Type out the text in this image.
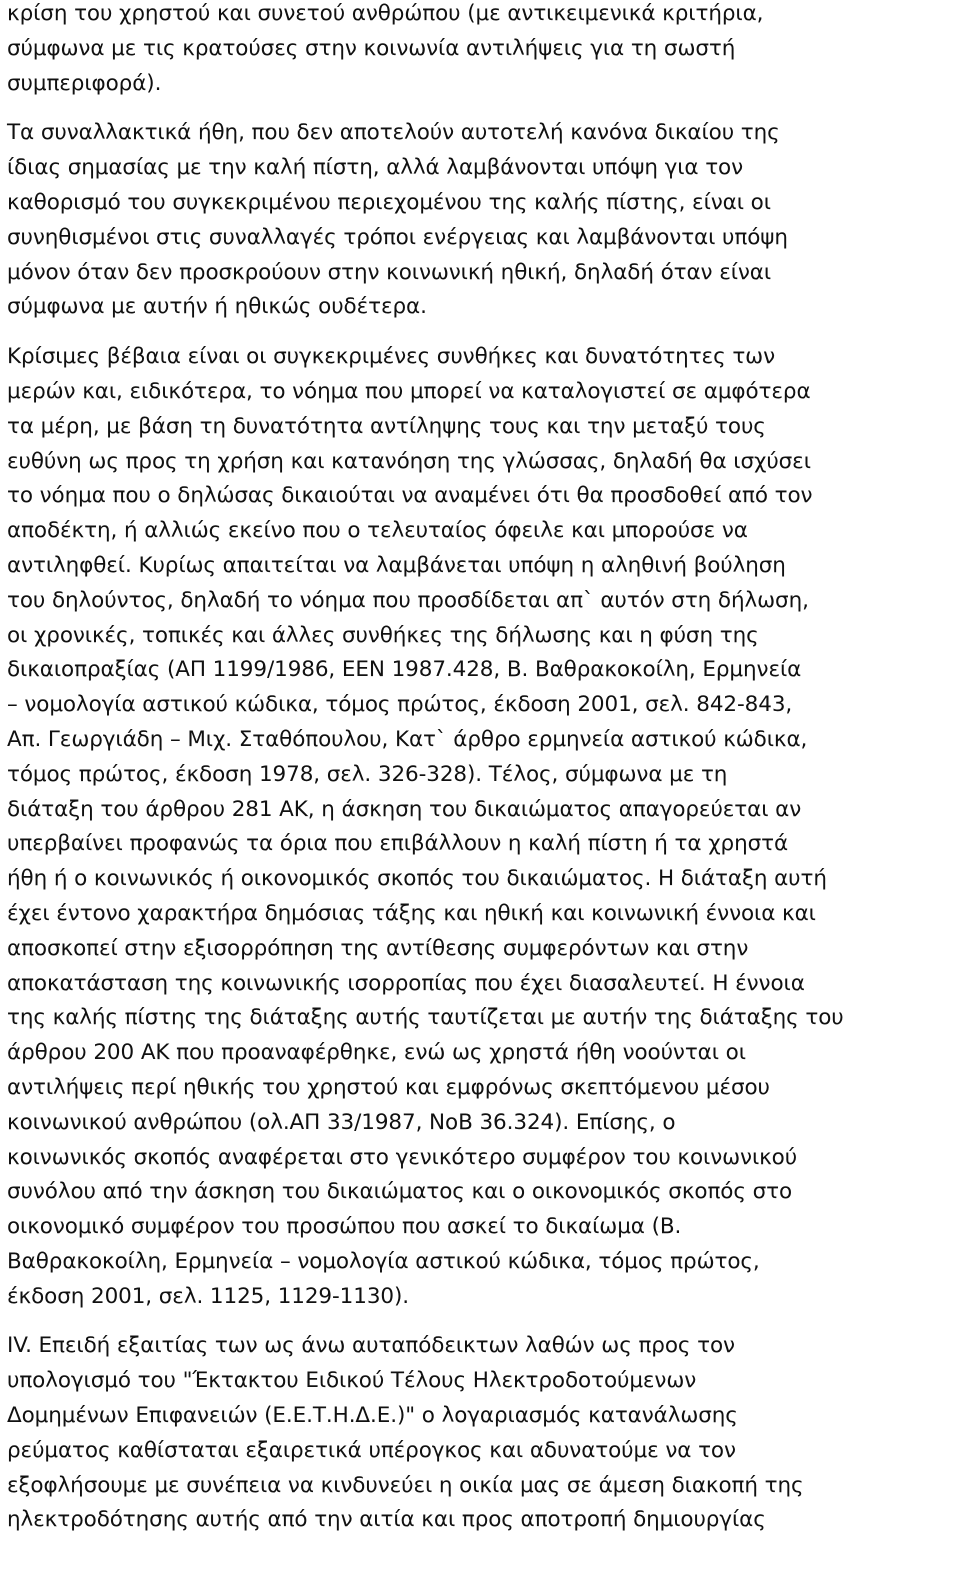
κρίση του χρηστού και συνετού ανθρώπου (με αντικειμενικά κριτήρια,
σύμφωνα με τις κρατούσες στην κοινωνία αντιλήψεις για τη σωστή
συμπεριφορά).
Τα συναλλακτικά ήθη, που δεν αποτελούν αυτοτελή κανόνα δικαίου της
ίδιας σημασίας με την καλή πίστη, αλλά λαμβάνονται υπόψη για τον
καθορισμό του συγκεκριμένου περιεχομένου της καλής πίστης, είναι οι
συνηθισμένοι στις συναλλαγές τρόποι ενέργειας και λαμβάνονται υπόψη
μόνον όταν δεν προσκρούουν στην κοινωνική ηθική, δηλαδή όταν είναι
σύμφωνα με αυτήν ή ηθικώς ουδέτερα.
Κρίσιμες βέβαια είναι οι συγκεκριμένες συνθήκες και δυνατότητες των
μερών και, ειδικότερα, το νόημα που μπορεί να καταλογιστεί σε αμφότερα
τα μέρη, με βάση τη δυνατότητα αντίληψης τους και την μεταξύ τους
ευθύνη ως προς τη χρήση και κατανόηση της γλώσσας, δηλαδή θα ισχύσει
το νόημα που ο δηλώσας δικαιούται να αναμένει ότι θα προσδοθεί από τον
αποδέκτη, ή αλλιώς εκείνο που ο τελευταίος όφειλε και μπορούσε να
αντιληφθεί. Κυρίως απαιτείται να λαμβάνεται υπόψη η αληθινή βούληση
του δηλούντος, δηλαδή το νόημα που προσδίδεται απ` αυτόν στη δήλωση,
οι χρονικές, τοπικές και άλλες συνθήκες της δήλωσης και η φύση της
δικαιοπραξίας (ΑΠ 1199/1986, ΕΕΝ 1987.428, Β. Βαθρακοκοίλη, Ερμηνεία
– νομολογία αστικού κώδικα, τόμος πρώτος, έκδοση 2001, σελ. 842-843,
Απ. Γεωργιάδη – Μιχ. Σταθόπουλου, Κατ` άρθρο ερμηνεία αστικού κώδικα,
τόμος πρώτος, έκδοση 1978, σελ. 326-328). Τέλος, σύμφωνα με τη
διάταξη του άρθρου 281 ΑΚ, η άσκηση του δικαιώματος απαγορεύεται αν
υπερβαίνει προφανώς τα όρια που επιβάλλουν η καλή πίστη ή τα χρηστά
ήθη ή ο κοινωνικός ή οικονομικός σκοπός του δικαιώματος. Η διάταξη αυτή
έχει έντονο χαρακτήρα δημόσιας τάξης και ηθική και κοινωνική έννοια και
αποσκοπεί στην εξισορρόπηση της αντίθεσης συμφερόντων και στην
αποκατάσταση της κοινωνικής ισορροπίας που έχει διασαλευτεί. Η έννοια
της καλής πίστης της διάταξης αυτής ταυτίζεται με αυτήν της διάταξης του
άρθρου 200 ΑΚ που προαναφέρθηκε, ενώ ως χρηστά ήθη νοούνται οι
αντιλήψεις περί ηθικής του χρηστού και εμφρόνως σκεπτόμενου μέσου
κοινωνικού ανθρώπου (ολ.ΑΠ 33/1987, ΝοΒ 36.324). Επίσης, ο
κοινωνικός σκοπός αναφέρεται στο γενικότερο συμφέρον του κοινωνικού
συνόλου από την άσκηση του δικαιώματος και ο οικονομικός σκοπός στο
οικονομικό συμφέρον του προσώπου που ασκεί το δικαίωμα (Β.
Βαθρακοκοίλη, Ερμηνεία – νομολογία αστικού κώδικα, τόμος πρώτος,
έκδοση 2001, σελ. 1125, 1129-1130).
IV. Επειδή εξαιτίας των ως άνω αυταπόδεικτων λαθών ως προς τον
υπολογισμό του "Έκτακτου Ειδικού Τέλους Ηλεκτροδοτούμενων
Δομημένων Επιφανειών (Ε.Ε.Τ.Η.Δ.Ε.)" ο λογαριασμός κατανάλωσης
ρεύματος καθίσταται εξαιρετικά υπέρογκος και αδυνατούμε να τον
εξοφλήσουμε με συνέπεια να κινδυνεύει η οικία μας σε άμεση διακοπή της
ηλεκτροδότησης αυτής από την αιτία και προς αποτροπή δημιουργίας
